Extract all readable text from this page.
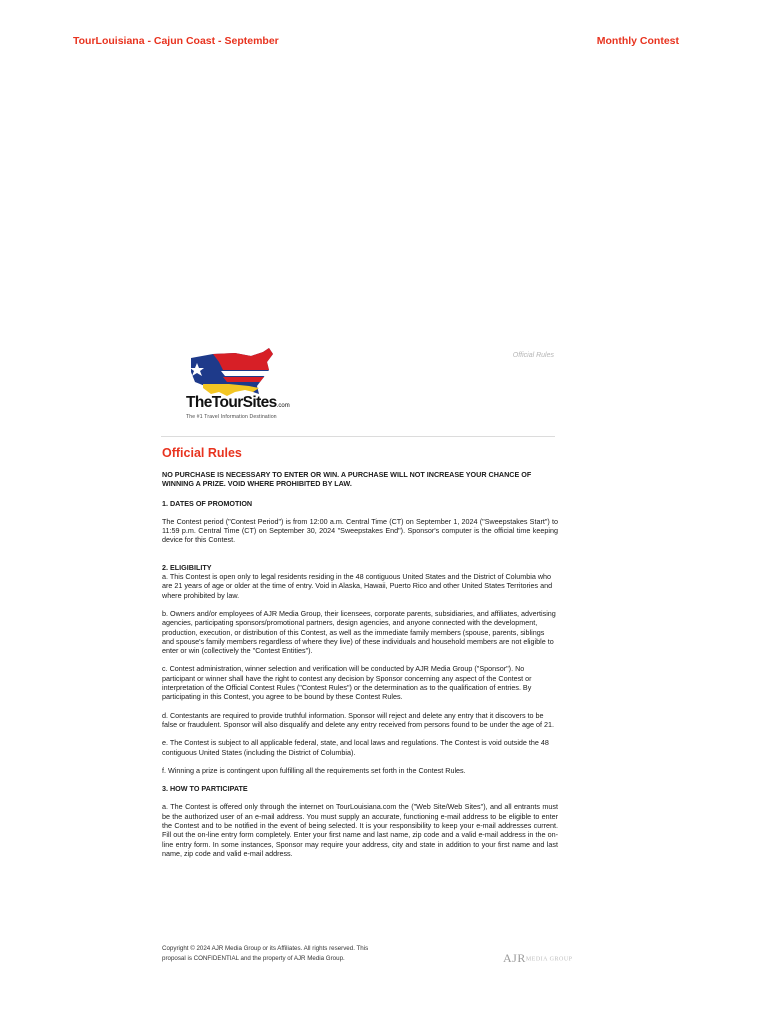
TourLouisiana - Cajun Coast - September	Monthly Contest
TheTourSites.com
The #1 Travel Information Destination
Official Rules
Official Rules

NO PURCHASE IS NECESSARY TO ENTER OR WIN. A PURCHASE WILL NOT INCREASE YOUR CHANCE OF WINNING A PRIZE. VOID WHERE PROHIBITED BY LAW.

1. DATES OF PROMOTION

The Contest period ("Contest Period") is from 12:00 a.m. Central Time (CT) on September 1, 2024 ("Sweepstakes Start") to 11:59 p.m. Central Time (CT) on September 30, 2024 "Sweepstakes End"). Sponsor's computer is the official time keeping device for this Contest.

2. ELIGIBILITY

a. This Contest is open only to legal residents residing in the 48 contiguous United States and the District of Columbia who are 21 years of age or older at the time of entry. Void in Alaska, Hawaii, Puerto Rico and other United States Territories and where prohibited by law.

b. Owners and/or employees of AJR Media Group, their licensees, corporate parents, subsidiaries, and affiliates, advertising agencies, participating sponsors/promotional partners, design agencies, and anyone connected with the development, production, execution, or distribution of this Contest, as well as the immediate family members (spouse, parents, siblings and spouse's family members regardless of where they live) of these individuals and household members are not eligible to enter or win (collectively the "Contest Entities").

c. Contest administration, winner selection and verification will be conducted by AJR Media Group ("Sponsor"). No participant or winner shall have the right to contest any decision by Sponsor concerning any aspect of the Contest or interpretation of the Official Contest Rules ("Contest Rules") or the determination as to the qualification of entries. By participating in this Contest, you agree to be bound by these Contest Rules.

d. Contestants are required to provide truthful information. Sponsor will reject and delete any entry that it discovers to be false or fraudulent. Sponsor will also disqualify and delete any entry received from persons found to be under the age of 21.

e. The Contest is subject to all applicable federal, state, and local laws and regulations. The Contest is void outside the 48 contiguous United States (including the District of Columbia).

f. Winning a prize is contingent upon fulfilling all the requirements set forth in the Contest Rules.

3. HOW TO PARTICIPATE

a. The Contest is offered only through the internet on TourLouisiana.com the ("Web Site/Web Sites"), and all entrants must be the authorized user of an e-mail address. You must supply an accurate, functioning e-mail address to be eligible to enter the Contest and to be notified in the event of being selected. It is your responsibility to keep your e-mail addresses current. Fill out the on-line entry form completely. Enter your first name and last name, zip code and a valid e-mail address in the on-line entry form. In some instances, Sponsor may require your address, city and state in addition to your first name and last name, zip code and valid e-mail address.

Copyright © 2024 AJR Media Group or its Affiliates. All rights reserved. This proposal is CONFIDENTIAL and the property of AJR Media Group.	AJRMEDIA GROUP
